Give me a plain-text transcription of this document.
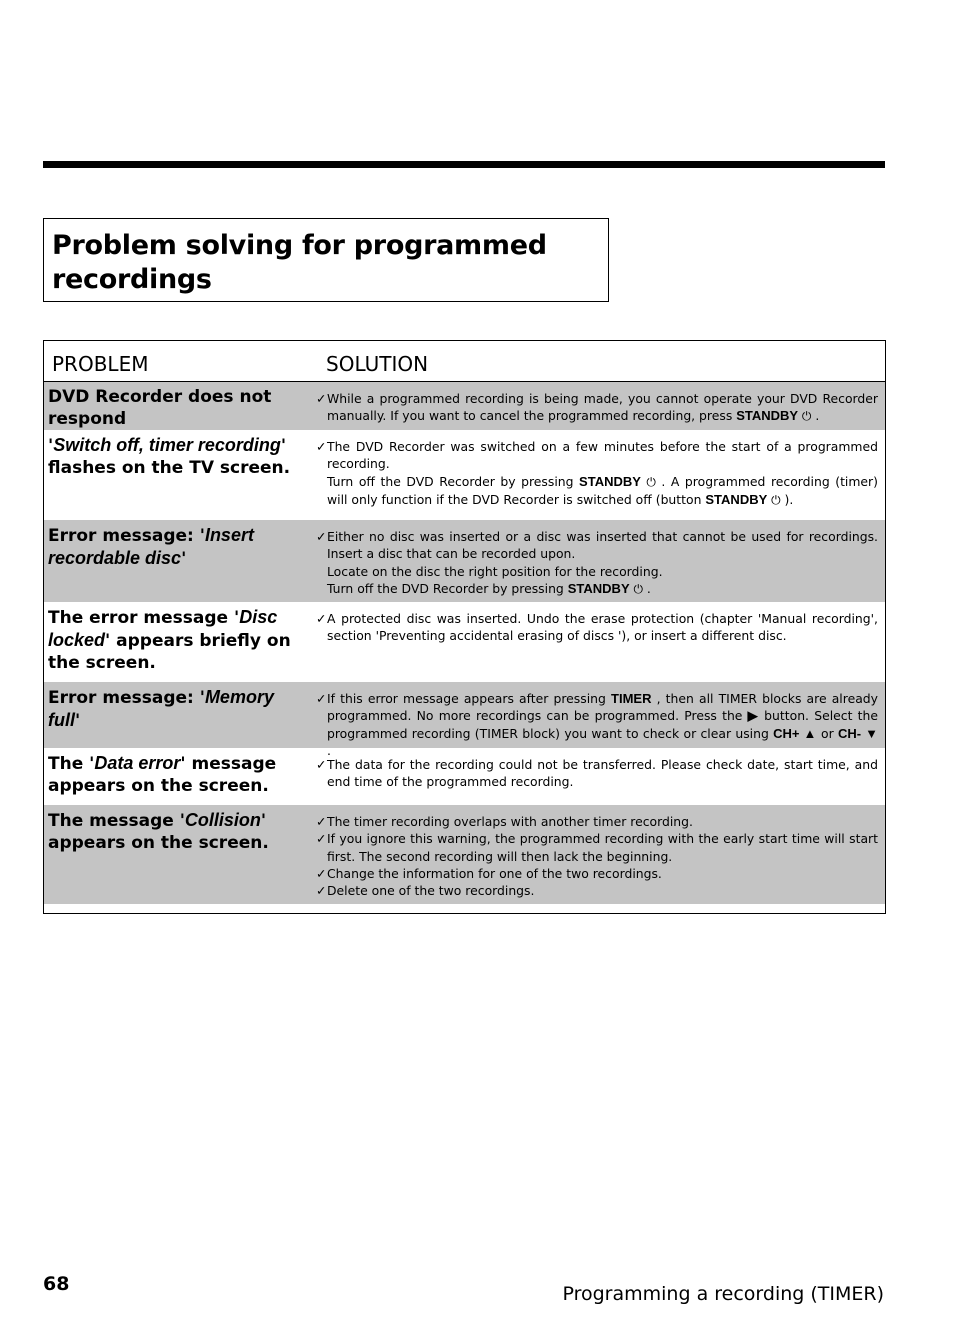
Problem solving for programmed recordings
PROBLEM	SOLUTION
DVD Recorder does not respond
✓ While a programmed recording is being made, you cannot operate your DVD Recorder manually. If you want to cancel the programmed recording, press STANDBY ⏻ .
'Switch off, timer recording' flashes on the TV screen.
✓ The DVD Recorder was switched on a few minutes before the start of a programmed recording.
Turn off the DVD Recorder by pressing STANDBY ⏻ . A programmed recording (timer) will only function if the DVD Recorder is switched off (button STANDBY ⏻ ).
Error message: 'Insert recordable disc'
✓ Either no disc was inserted or a disc was inserted that cannot be used for recordings. Insert a disc that can be recorded upon.
Locate on the disc the right position for the recording.
Turn off the DVD Recorder by pressing STANDBY ⏻ .
The error message 'Disc locked' appears briefly on the screen.
✓ A protected disc was inserted. Undo the erase protection (chapter 'Manual recording', section 'Preventing accidental erasing of discs '), or insert a different disc.
Error message: 'Memory full'
✓ If this error message appears after pressing TIMER , then all TIMER blocks are already programmed. No more recordings can be programmed. Press the ▶ button. Select the programmed recording (TIMER block) you want to check or clear using CH+ ▲ or CH- ▼ .
The 'Data error' message appears on the screen.
✓ The data for the recording could not be transferred. Please check date, start time, and end time of the programmed recording.
The message 'Collision' appears on the screen.
✓ The timer recording overlaps with another timer recording.
✓ If you ignore this warning, the programmed recording with the early start time will start first. The second recording will then lack the beginning.
✓ Change the information for one of the two recordings.
✓ Delete one of the two recordings.
68	Programming a recording (TIMER)
